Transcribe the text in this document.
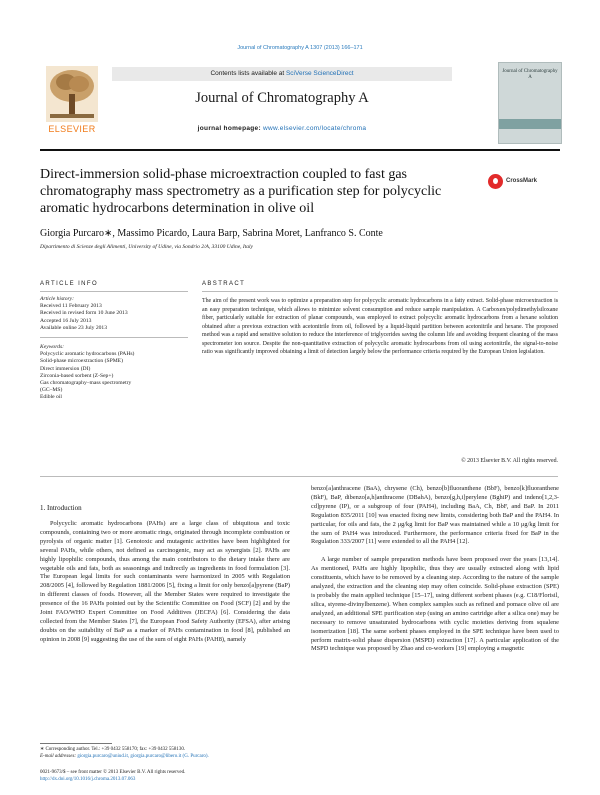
Journal of Chromatography A 1307 (2013) 166–171
ELSEVIER
Contents lists available at SciVerse ScienceDirect
Journal of Chromatography A
journal homepage: www.elsevier.com/locate/chroma
Journal of Chromatography A
Direct-immersion solid-phase microextraction coupled to fast gas chromatography mass spectrometry as a purification step for polycyclic aromatic hydrocarbons determination in olive oil
CrossMark
Giorgia Purcaro∗, Massimo Picardo, Laura Barp, Sabrina Moret, Lanfranco S. Conte
Dipartimento di Scienze degli Alimenti, University of Udine, via Sondrio 2/A, 33100 Udine, Italy
ARTICLE INFO	ABSTRACT
Article history:
Received 11 February 2013
Received in revised form 10 June 2013
Accepted 16 July 2013
Available online 23 July 2013
Keywords:
Polycyclic aromatic hydrocarbons (PAHs)
Solid-phase microextraction (SPME)
Direct immersion (DI)
Zirconia-based sorbent (Z-Sep+)
Gas chromatography–mass spectrometry
(GC–MS)
Edible oil
The aim of the present work was to optimize a preparation step for polycyclic aromatic hydrocarbons in a fatty extract. Solid-phase microextraction is an easy preparation technique, which allows to minimize solvent consumption and reduce sample manipulation. A Carboxen/polydimethylsiloxane fiber, particularly suitable for extraction of planar compounds, was employed to extract polycyclic aromatic hydrocarbons from a hexane solution obtained after a previous extraction with acetonitrile from oil, followed by a liquid-liquid partition between acetonitrile and hexane. The proposed method was a rapid and sensitive solution to reduce the interference of triglycerides saving the column life and avoiding frequent cleaning of the mass spectrometer ion source. Despite the non-quantitative extraction of polycyclic aromatic hydrocarbons from oil using acetonitrile, the signal-to-noise ratio was significantly improved obtaining a limit of detection largely below the performance criteria required by the European Union legislation.
© 2013 Elsevier B.V. All rights reserved.
1. Introduction

Polycyclic aromatic hydrocarbons (PAHs) are a large class of ubiquitous and toxic compounds, containing two or more aromatic rings, originated through incomplete combustion or pyrolysis of organic matter [1]. Genotoxic and mutagenic activities have been highlighted for several PAHs, while others, not defined as carcinogenic, may act as synergists [2]. PAHs are highly lipophilic compounds, thus among the main contributors to the dietary intake there are vegetable oils and fats, both as seasonings and indirectly as ingredients in food formulation [3]. The European legal limits for such contaminants were harmonized in 2005 with Regulation 208/2005 [4], followed by Regulation 1881/2006 [5], fixing a limit for only benzo[a]pyrene (BaP) in different classes of foods. However, all the Member States were required to investigate the presence of the 16 PAHs pointed out by the Scientific Committee on Food (SCF) [2] and by the Joint FAO/WHO Expert Committee on Food Additives (JECFA) [6]. Considering the data collected from the Member States [7], the European Food Safety Authority (EFSA), after arising doubts on the suitability of BaP as a marker of PAHs contamination in food [8], published an opinion in 2008 [9] suggesting the use of the sum of eight PAHs (PAH8), namely

benzo[a]anthracene (BaA), chrysene (Ch), benzo[b]fluoranthene (BbF), benzo[k]fluoranthene (BkF), BaP, dibenzo[a,h]anthracene (DBahA), benzo[g,h,i]perylene (BghiP) and indeno[1,2,3-cd]pyrene (IP), or a subgroup of four (PAH4), including BaA, Ch, BbF, and BaP. In 2011 Regulation 835/2011 [10] was enacted fixing new limits, considering both BaP and the PAH4. In particular, for oils and fats, the 2 μg/kg limit for BaP was maintained while a 10 μg/kg limit for the sum of PAH4 was introduced. Furthermore, the performance criteria fixed for BaP in the Regulation 333/2007 [11] were extended to all the PAH4 [12].

A large number of sample preparation methods have been proposed over the years [13,14]. As mentioned, PAHs are highly lipophilic, thus they are usually extracted along with lipid constituents, which have to be removed by a cleaning step. According to the nature of the sample analyzed, the extraction and the cleaning step may often coincide. Solid-phase extraction (SPE) is probably the main applied technique [15–17], using different sorbent phases (e.g. C18/Florisil, silica, styrene-divinylbenzene). When complex samples such as refined and pomace olive oil are analyzed, an additional SPE purification step (using an amino cartridge after a silica one) may be necessary to remove unsaturated hydrocarbons with cyclic moieties deriving from squalene isomerization [18]. The same sorbent phases employed in the SPE technique have been used to perform matrix-solid phase dispersion (MSPD) extraction [17]. A particular application of the MSPD technique was proposed by Zhao and co-workers [19] employing a magnetic

∗ Corresponding author. Tel.: +39 0432 558170; fax: +39 0432 558130.
E-mail addresses: giorgia.purcaro@uniud.it, giorgia.purcaro@libero.it (G. Purcaro).
0021-9673/$ – see front matter © 2013 Elsevier B.V. All rights reserved.
http://dx.doi.org/10.1016/j.chroma.2013.07.063
